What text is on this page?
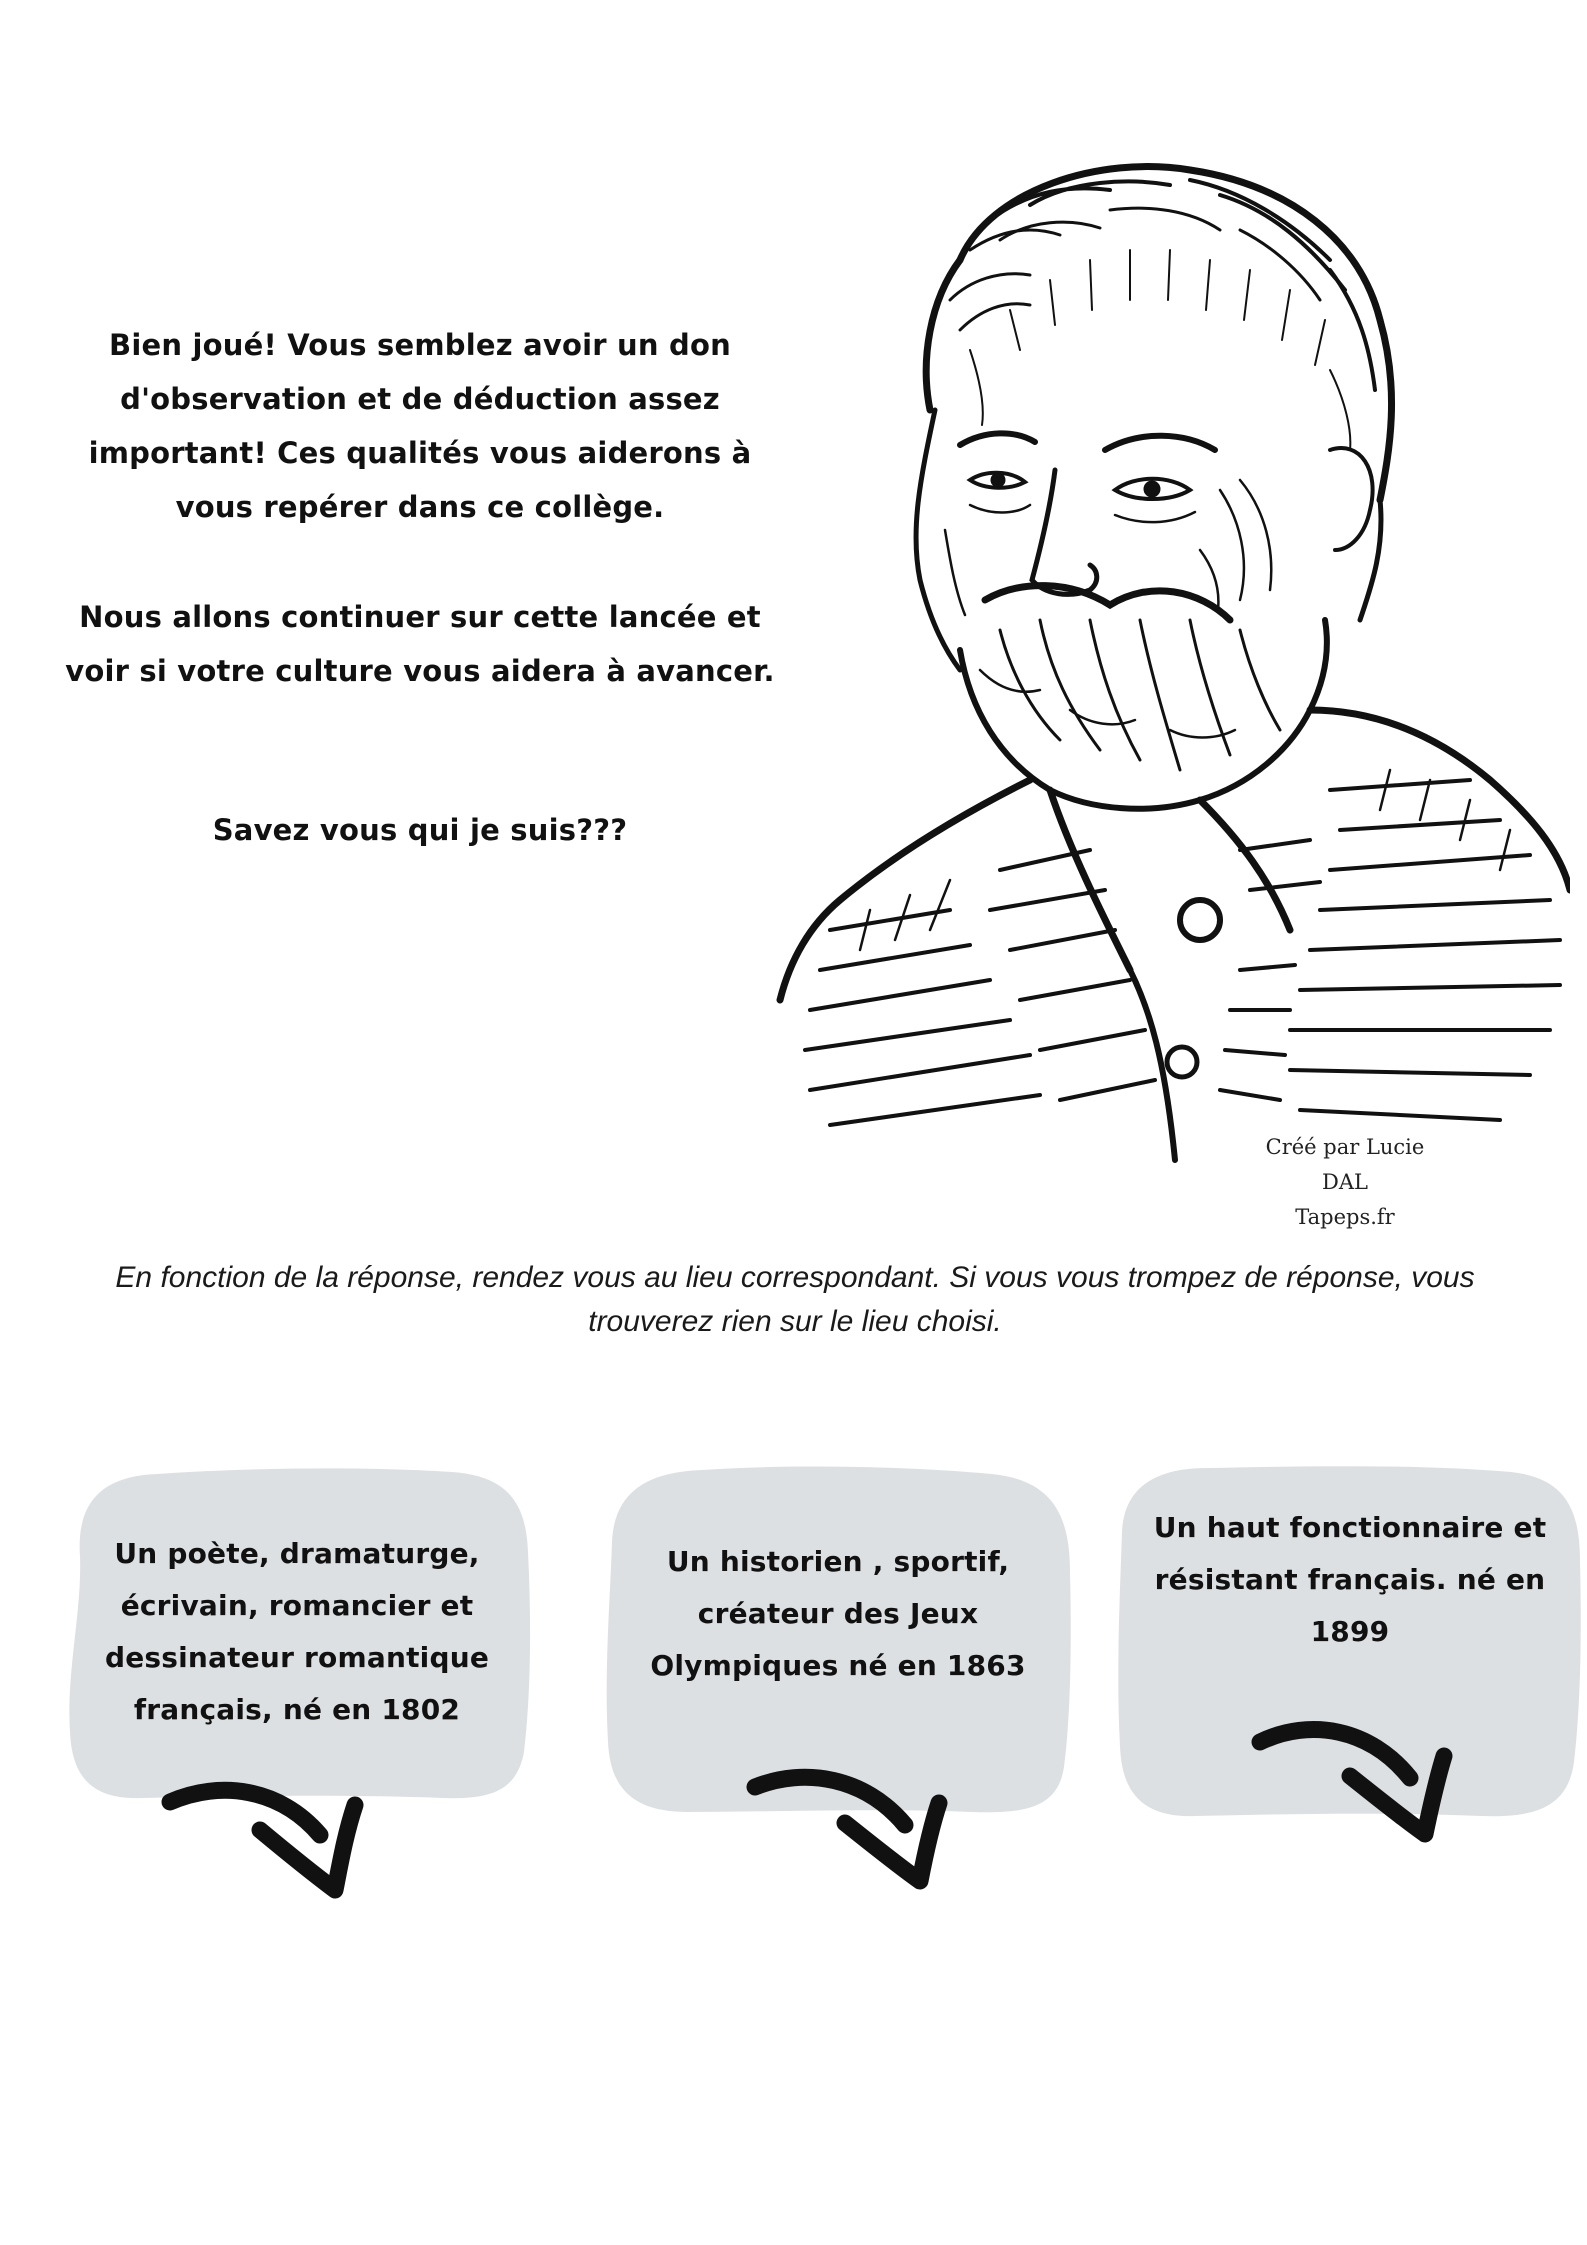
Bien joué! Vous semblez avoir un don

d'observation et de déduction assez

important! Ces qualités vous aiderons à

vous repérer dans ce collège.

Nous allons continuer sur cette lancée et

voir si votre culture vous aidera à avancer.

Savez vous qui je suis???

Créé par Lucie DAL
Tapeps.fr
En fonction de la réponse, rendez vous au lieu correspondant. Si vous vous trompez de réponse, vous
trouverez rien sur le lieu choisi.
Un poète, dramaturge,
écrivain, romancier et
dessinateur romantique
français, né en 1802
Un historien , sportif,
créateur des Jeux
Olympiques né en 1863
Un haut fonctionnaire et
résistant français. né en
1899
